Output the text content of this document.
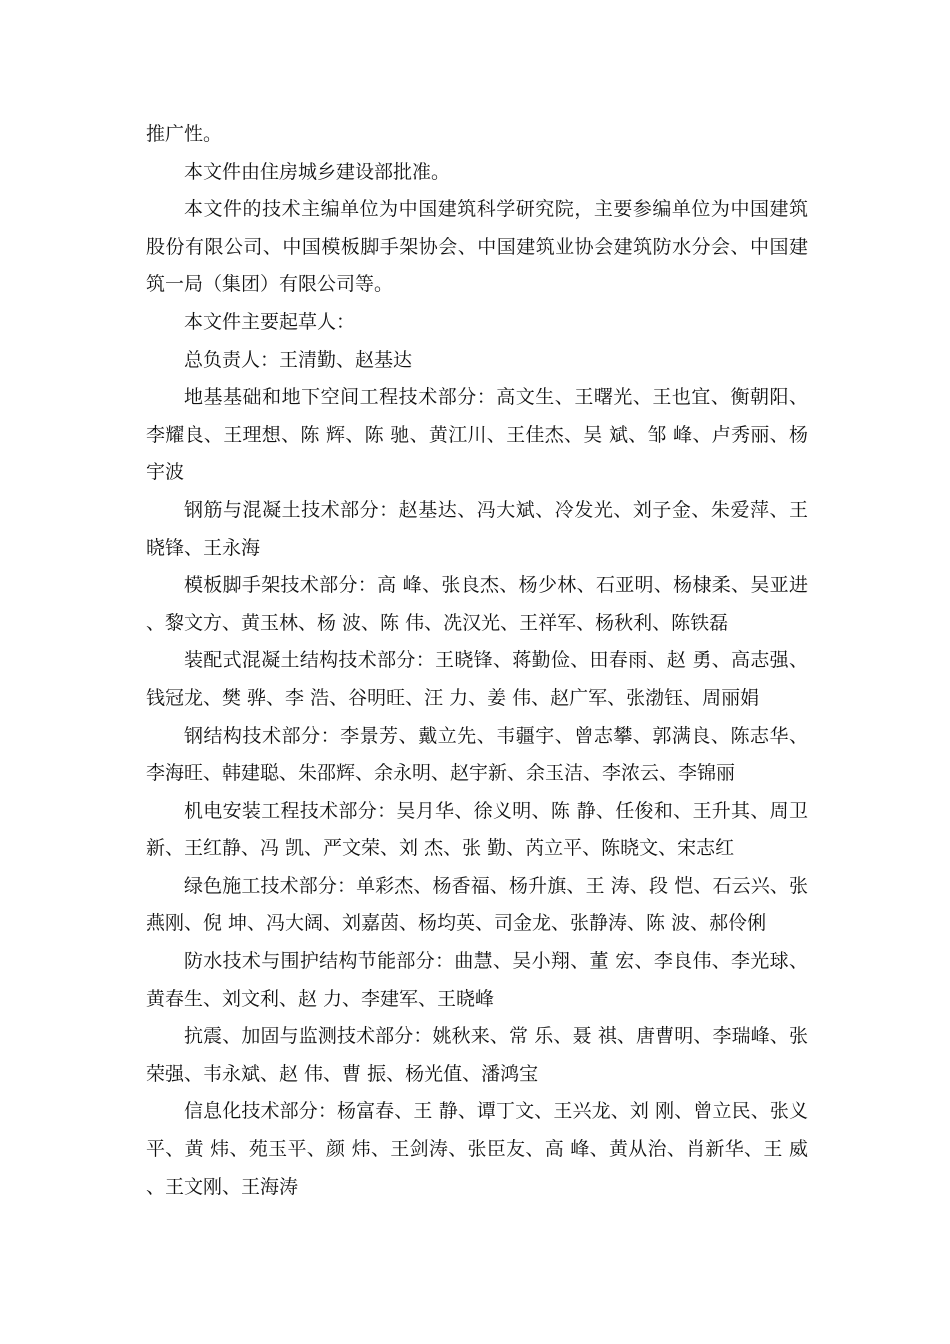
推广性。

本文件由住房城乡建设部批准。

本文件的技术主编单位为中国建筑科学研究院，主要参编单位为中国建筑股份有限公司、中国模板脚手架协会、中国建筑业协会建筑防水分会、中国建筑一局（集团）有限公司等。

本文件主要起草人：

总负责人：王清勤、赵基达

地基基础和地下空间工程技术部分：高文生、王曙光、王也宜、衡朝阳、李耀良、王理想、陈 辉、陈 驰、黄江川、王佳杰、吴 斌、邹 峰、卢秀丽、杨宇波

钢筋与混凝土技术部分：赵基达、冯大斌、冷发光、刘子金、朱爱萍、王晓锋、王永海

模板脚手架技术部分：高 峰、张良杰、杨少林、石亚明、杨棣柔、吴亚进、黎文方、黄玉林、杨 波、陈 伟、冼汉光、王祥军、杨秋利、陈铁磊

装配式混凝土结构技术部分：王晓锋、蒋勤俭、田春雨、赵 勇、高志强、钱冠龙、樊 骅、李 浩、谷明旺、汪 力、姜 伟、赵广军、张渤钰、周丽娟

钢结构技术部分：李景芳、戴立先、韦疆宇、曾志攀、郭满良、陈志华、李海旺、韩建聪、朱邵辉、余永明、赵宇新、余玉洁、李浓云、李锦丽

机电安装工程技术部分：吴月华、徐义明、陈 静、任俊和、王升其、周卫新、王红静、冯 凯、严文荣、刘 杰、张 勤、芮立平、陈晓文、宋志红

绿色施工技术部分：单彩杰、杨香福、杨升旗、王 涛、段 恺、石云兴、张燕刚、倪 坤、冯大阔、刘嘉茵、杨均英、司金龙、张静涛、陈 波、郝伶俐

防水技术与围护结构节能部分：曲慧、吴小翔、董 宏、李良伟、李光球、黄春生、刘文利、赵 力、李建军、王晓峰

抗震、加固与监测技术部分：姚秋来、常 乐、聂 祺、唐曹明、李瑞峰、张荣强、韦永斌、赵 伟、曹 振、杨光值、潘鸿宝

信息化技术部分：杨富春、王 静、谭丁文、王兴龙、刘 刚、曾立民、张义平、黄 炜、苑玉平、颜 炜、王剑涛、张臣友、高 峰、黄从治、肖新华、王 威、王文刚、王海涛
